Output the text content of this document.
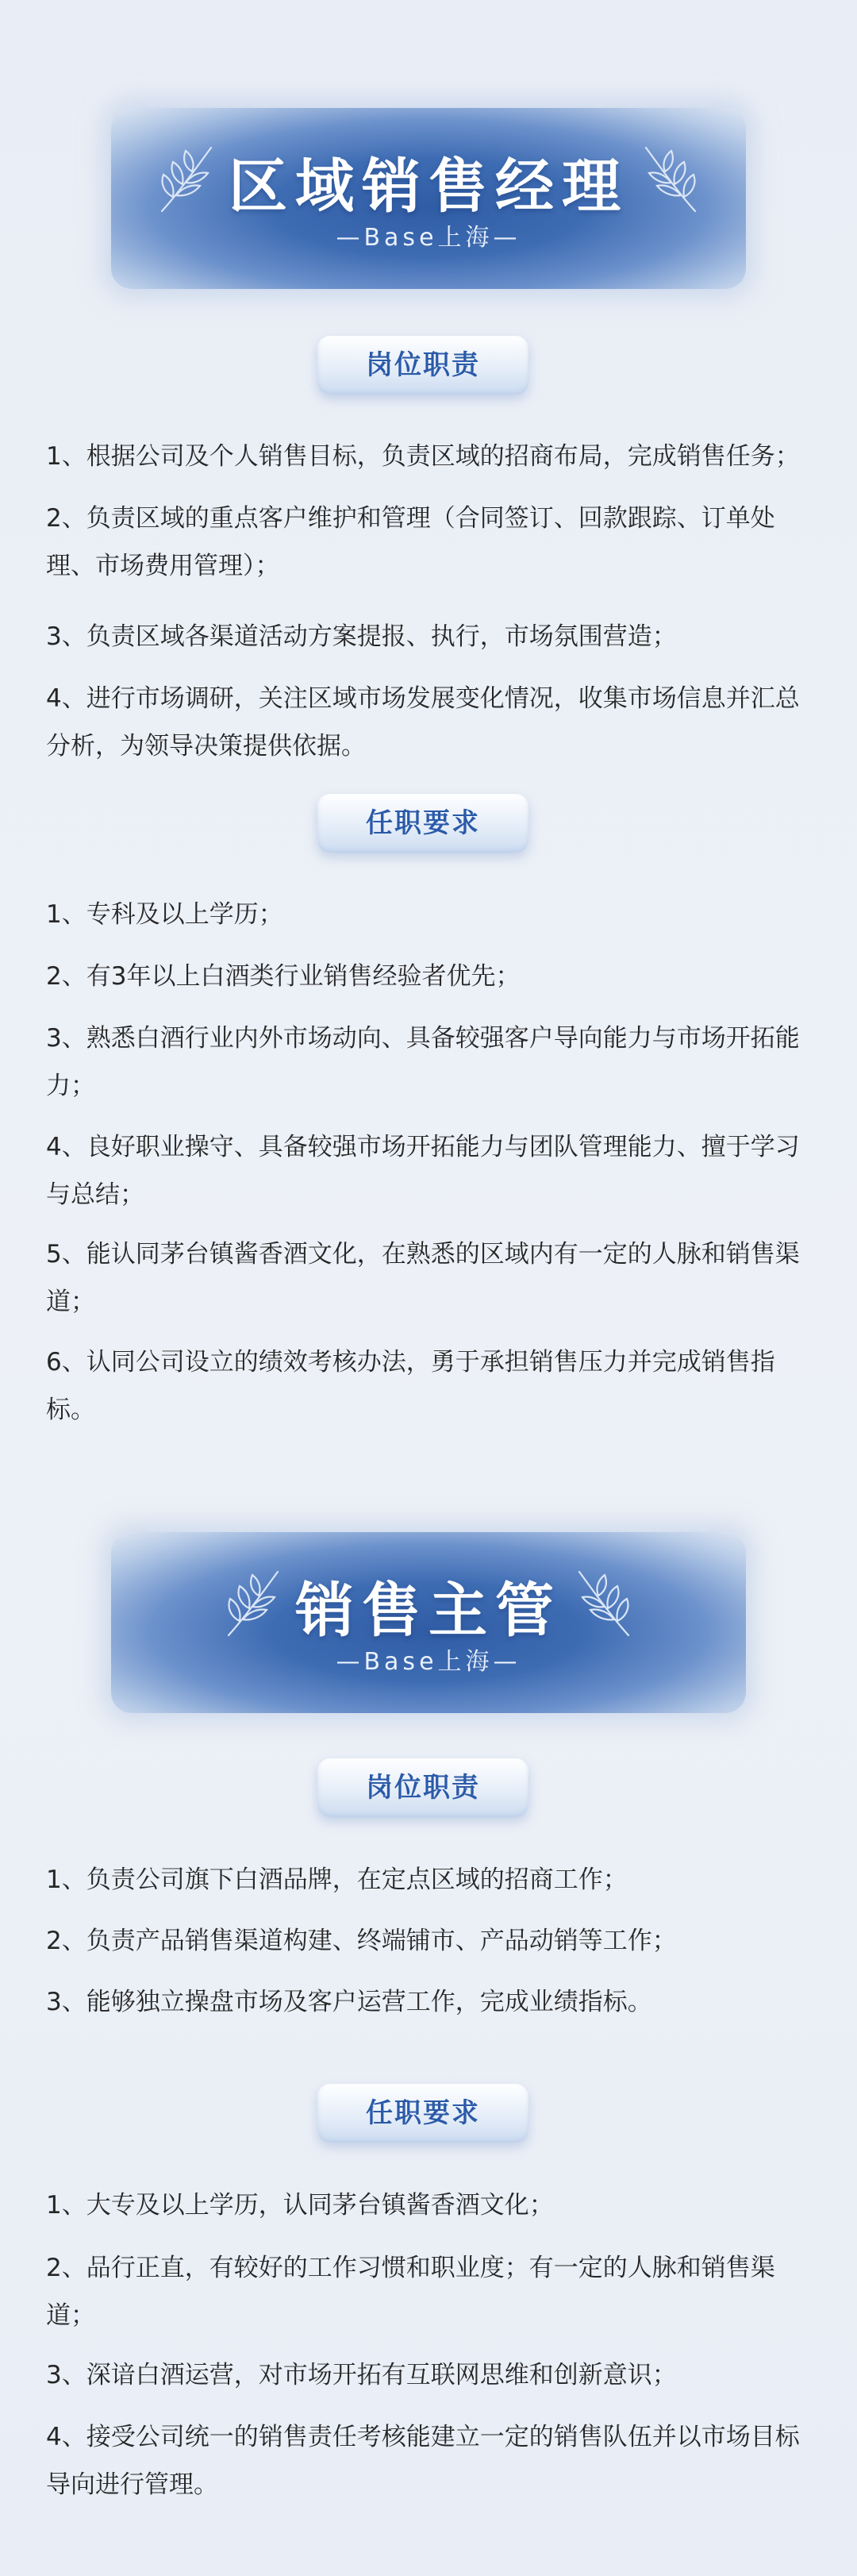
区域销售经理
—Base上海—
岗位职责

1、根据公司及个人销售目标，负责区域的招商布局，完成销售任务；

2、负责区域的重点客户维护和管理（合同签订、回款跟踪、订单处理、市场费用管理）；

3、负责区域各渠道活动方案提报、执行，市场氛围营造；

4、进行市场调研，关注区域市场发展变化情况，收集市场信息并汇总分析，为领导决策提供依据。

任职要求

1、专科及以上学历；

2、有3年以上白酒类行业销售经验者优先；

3、熟悉白酒行业内外市场动向、具备较强客户导向能力与市场开拓能力；

4、良好职业操守、具备较强市场开拓能力与团队管理能力、擅于学习与总结；

5、能认同茅台镇酱香酒文化，在熟悉的区域内有一定的人脉和销售渠道；

6、认同公司设立的绩效考核办法，勇于承担销售压力并完成销售指标。

销售主管
—Base上海—
岗位职责

1、负责公司旗下白酒品牌，在定点区域的招商工作；

2、负责产品销售渠道构建、终端铺市、产品动销等工作；

3、能够独立操盘市场及客户运营工作，完成业绩指标。

任职要求

1、大专及以上学历，认同茅台镇酱香酒文化；

2、品行正直，有较好的工作习惯和职业度；有一定的人脉和销售渠道；

3、深谙白酒运营，对市场开拓有互联网思维和创新意识；

4、接受公司统一的销售责任考核能建立一定的销售队伍并以市场目标导向进行管理。
